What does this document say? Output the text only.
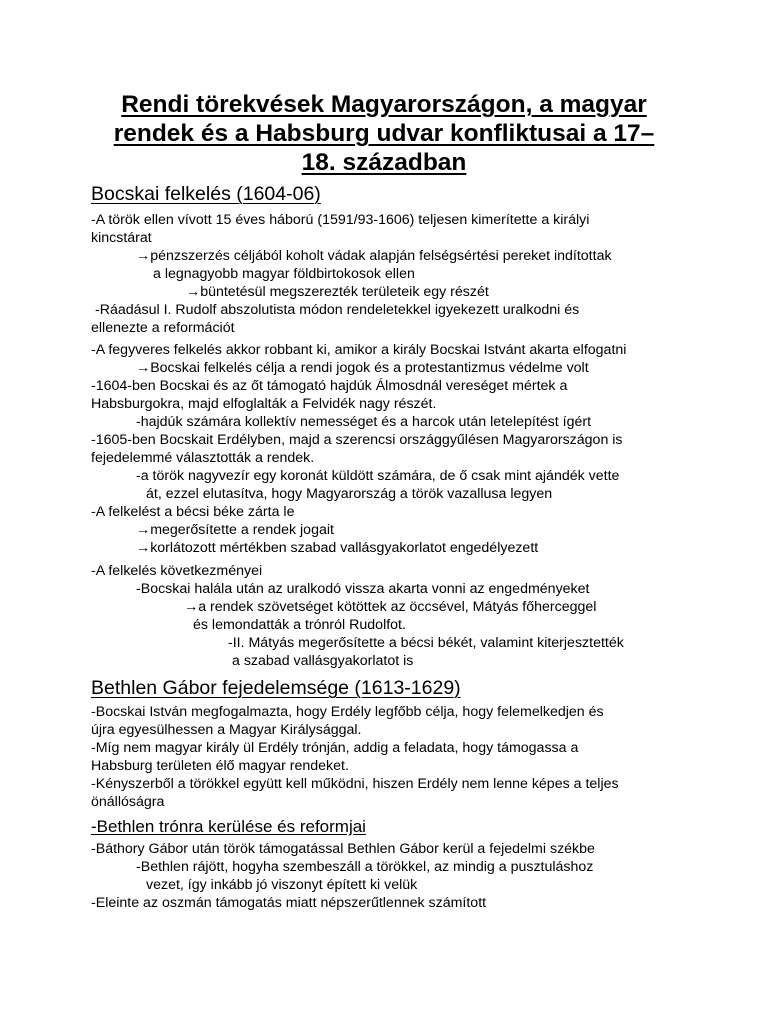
Rendi törekvések Magyarországon, a magyar
rendek és a Habsburg udvar konfliktusai a 17–
18. században
Bocskai felkelés (1604-06)
-A török ellen vívott 15 éves háború (1591/93-1606) teljesen kimerítette a királyi
kincstárat
→pénzszerzés céljából koholt vádak alapján felségsértési pereket indítottak
a legnagyobb magyar földbirtokosok ellen
→büntetésül megszerezték területeik egy részét
-Ráadásul I. Rudolf abszolutista módon rendeletekkel igyekezett uralkodni és
ellenezte a reformációt
-A fegyveres felkelés akkor robbant ki, amikor a király Bocskai Istvánt akarta elfogatni
→Bocskai felkelés célja a rendi jogok és a protestantizmus védelme volt
-1604-ben Bocskai és az őt támogató hajdúk Álmosdnál vereséget mértek a
Habsburgokra, majd elfoglalták a Felvidék nagy részét.
-hajdúk számára kollektív nemességet és a harcok után letelepítést ígért
-1605-ben Bocskait Erdélyben, majd a szerencsi országgyűlésen Magyarországon is
fejedelemmé választották a rendek.
-a török nagyvezír egy koronát küldött számára, de ő csak mint ajándék vette
át, ezzel elutasítva, hogy Magyarország a török vazallusa legyen
-A felkelést a bécsi béke zárta le
→megerősítette a rendek jogait
→korlátozott mértékben szabad vallásgyakorlatot engedélyezett
-A felkelés következményei
-Bocskai halála után az uralkodó vissza akarta vonni az engedményeket
→a rendek szövetséget kötöttek az öccsével, Mátyás főherceggel
és lemondatták a trónról Rudolfot.
-II. Mátyás megerősítette a bécsi békét, valamint kiterjesztették
a szabad vallásgyakorlatot is
Bethlen Gábor fejedelemsége (1613-1629)
-Bocskai István megfogalmazta, hogy Erdély legfőbb célja, hogy felemelkedjen és
újra egyesülhessen a Magyar Királysággal.
-Míg nem magyar király ül Erdély trónján, addig a feladata, hogy támogassa a
Habsburg területen élő magyar rendeket.
-Kényszerből a törökkel együtt kell működni, hiszen Erdély nem lenne képes a teljes
önállóságra
-Bethlen trónra kerülése és reformjai
-Báthory Gábor után török támogatással Bethlen Gábor kerül a fejedelmi székbe
-Bethlen rájött, hogyha szembeszáll a törökkel, az mindig a pusztuláshoz
vezet, így inkább jó viszonyt épített ki velük
-Eleinte az oszmán támogatás miatt népszerűtlennek számított
